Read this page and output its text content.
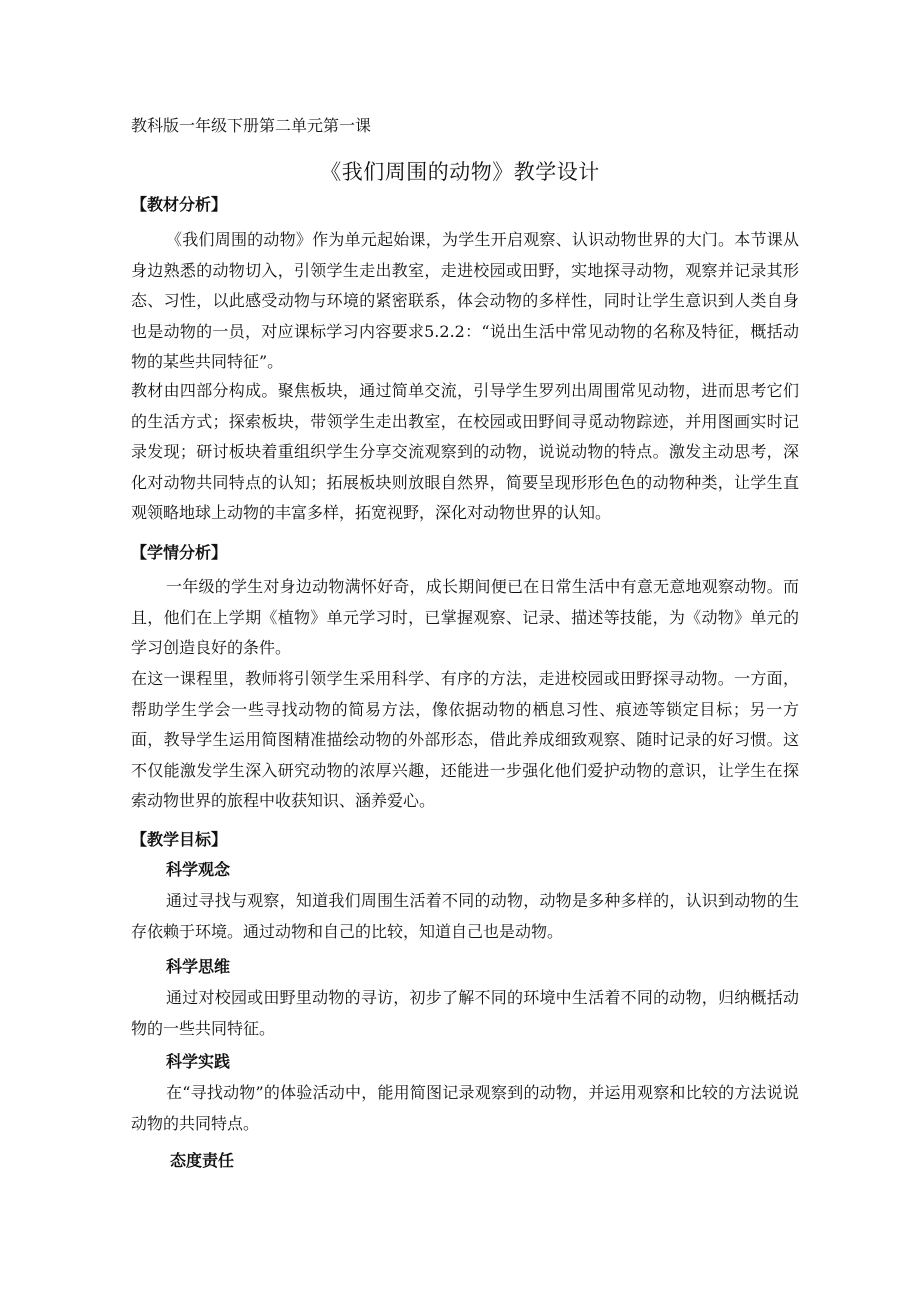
教科版一年级下册第二单元第一课
《我们周围的动物》教学设计
【教材分析】
《我们周围的动物》作为单元起始课，为学生开启观察、认识动物世界的大门。本节课从身边熟悉的动物切入，引领学生走出教室，走进校园或田野，实地探寻动物，观察并记录其形态、习性，以此感受动物与环境的紧密联系，体会动物的多样性，同时让学生意识到人类自身也是动物的一员，对应课标学习内容要求5.2.2：“说出生活中常见动物的名称及特征，概括动物的某些共同特征”。
教材由四部分构成。聚焦板块，通过简单交流，引导学生罗列出周围常见动物，进而思考它们的生活方式；探索板块，带领学生走出教室，在校园或田野间寻觅动物踪迹，并用图画实时记录发现；研讨板块着重组织学生分享交流观察到的动物，说说动物的特点。激发主动思考，深化对动物共同特点的认知；拓展板块则放眼自然界，简要呈现形形色色的动物种类，让学生直观领略地球上动物的丰富多样，拓宽视野，深化对动物世界的认知。
【学情分析】
一年级的学生对身边动物满怀好奇，成长期间便已在日常生活中有意无意地观察动物。而且，他们在上学期《植物》单元学习时，已掌握观察、记录、描述等技能，为《动物》单元的学习创造良好的条件。
在这一课程里，教师将引领学生采用科学、有序的方法，走进校园或田野探寻动物。一方面，帮助学生学会一些寻找动物的简易方法，像依据动物的栖息习性、痕迹等锁定目标；另一方面，教导学生运用简图精准描绘动物的外部形态，借此养成细致观察、随时记录的好习惯。这不仅能激发学生深入研究动物的浓厚兴趣，还能进一步强化他们爱护动物的意识，让学生在探索动物世界的旅程中收获知识、涵养爱心。
【教学目标】
科学观念
通过寻找与观察，知道我们周围生活着不同的动物，动物是多种多样的，认识到动物的生存依赖于环境。通过动物和自己的比较，知道自己也是动物。
科学思维
通过对校园或田野里动物的寻访，初步了解不同的环境中生活着不同的动物，归纳概括动物的一些共同特征。
科学实践
在“寻找动物”的体验活动中，能用简图记录观察到的动物，并运用观察和比较的方法说说动物的共同特点。
态度责任
